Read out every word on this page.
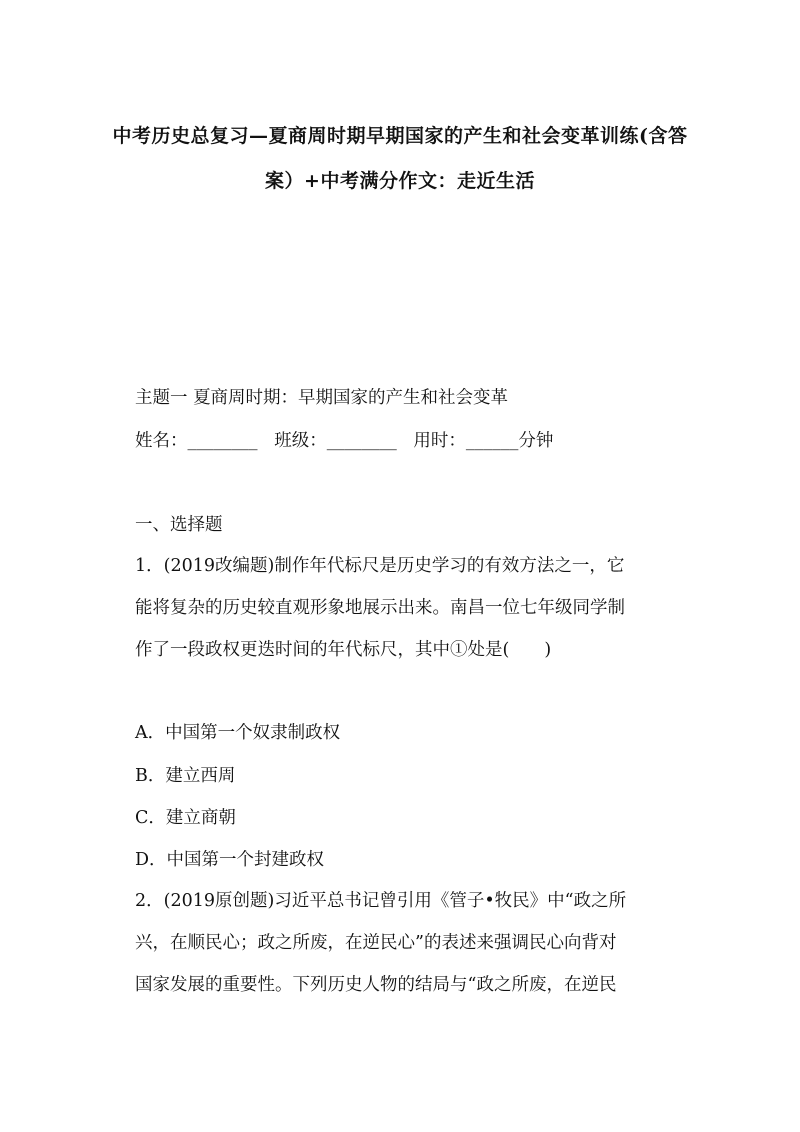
中考历史总复习—夏商周时期早期国家的产生和社会变革训练(含答
案）+中考满分作文：走近生活
主题一 夏商周时期：早期国家的产生和社会变革
姓名：________   班级：________   用时：______分钟
一、选择题
1．(2019改编题)制作年代标尺是历史学习的有效方法之一，它
能将复杂的历史较直观形象地展示出来。南昌一位七年级同学制
作了一段政权更迭时间的年代标尺，其中①处是(　　)
A．中国第一个奴隶制政权
B．建立西周
C．建立商朝
D．中国第一个封建政权
2．(2019原创题)习近平总书记曾引用《管子•牧民》中“政之所
兴，在顺民心；政之所废，在逆民心”的表述来强调民心向背对
国家发展的重要性。下列历史人物的结局与“政之所废，在逆民
